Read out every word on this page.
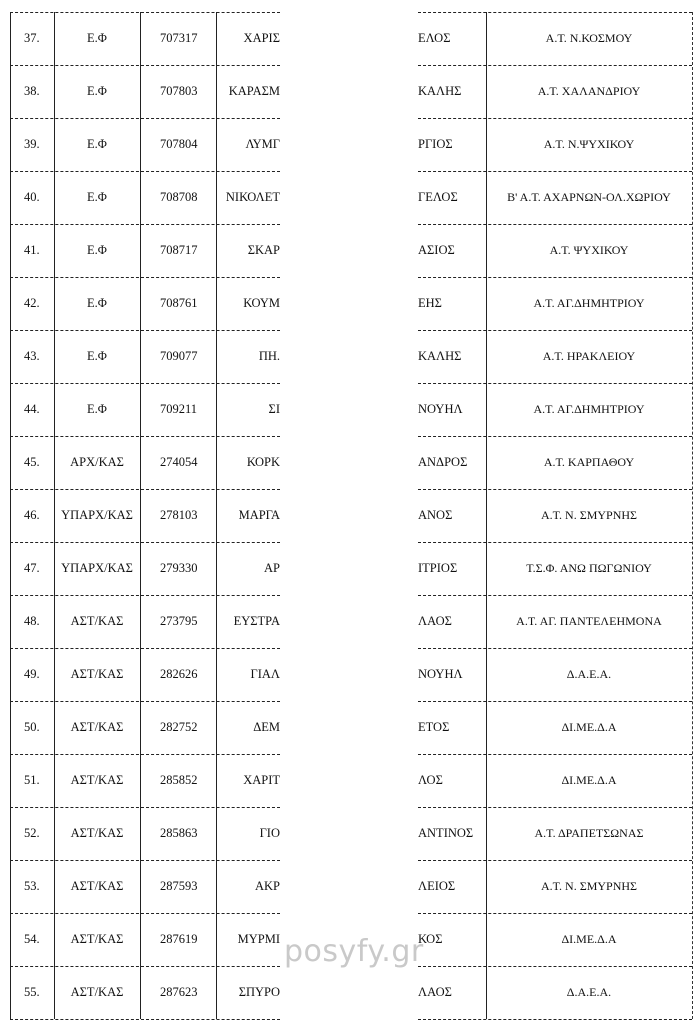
37.	Ε.Φ	707317	ΧΑΡΙΣ	ΕΛΟΣ	Α.Τ. Ν.ΚΟΣΜΟΥ
38.	Ε.Φ	707803	ΚΑΡΑΣΜ	ΚΑΛΗΣ	Α.Τ. ΧΑΛΑΝΔΡΙΟΥ
39.	Ε.Φ	707804	ΛΥΜΓ	ΡΓΙΟΣ	Α.Τ. Ν.ΨΥΧΙΚΟΥ
40.	Ε.Φ	708708	ΝΙΚΟΛΕΤ	ΓΕΛΟΣ	Β' Α.Τ. ΑΧΑΡΝΩΝ-ΟΛ.ΧΩΡΙΟΥ
41.	Ε.Φ	708717	ΣΚΑΡ	ΑΣΙΟΣ	Α.Τ. ΨΥΧΙΚΟΥ
42.	Ε.Φ	708761	ΚΟΥΜ	ΕΗΣ	Α.Τ. ΑΓ.ΔΗΜΗΤΡΙΟΥ
43.	Ε.Φ	709077	ΠΗ.	ΚΑΛΗΣ	Α.Τ. ΗΡΑΚΛΕΙΟΥ
44.	Ε.Φ	709211	ΣΙ	ΝΟΥΗΛ	Α.Τ. ΑΓ.ΔΗΜΗΤΡΙΟΥ
45.	ΑΡΧ/ΚΑΣ	274054	ΚΟΡΚ	ΑΝΔΡΟΣ	Α.Τ. ΚΑΡΠΑΘΟΥ
46.	ΥΠΑΡΧ/ΚΑΣ	278103	ΜΑΡΓΑ	ΑΝΟΣ	Α.Τ. Ν. ΣΜΥΡΝΗΣ
47.	ΥΠΑΡΧ/ΚΑΣ	279330	ΑΡ	ΙΤΡΙΟΣ	Τ.Σ.Φ. ΑΝΩ ΠΩΓΩΝΙΟΥ
48.	ΑΣΤ/ΚΑΣ	273795	ΕΥΣΤΡΑ	ΛΑΟΣ	Α.Τ. ΑΓ. ΠΑΝΤΕΛΕΗΜΟΝΑ
49.	ΑΣΤ/ΚΑΣ	282626	ΓΙΑΛ	ΝΟΥΗΛ	Δ.Α.Ε.Α.
50.	ΑΣΤ/ΚΑΣ	282752	ΔΕΜ	ΕΤΟΣ	ΔΙ.ΜΕ.Δ.Α
51.	ΑΣΤ/ΚΑΣ	285852	ΧΑΡΙΤ	ΛΟΣ	ΔΙ.ΜΕ.Δ.Α
52.	ΑΣΤ/ΚΑΣ	285863	ΓΙΟ	ΑΝΤΙΝΟΣ	Α.Τ. ΔΡΑΠΕΤΣΩΝΑΣ
53.	ΑΣΤ/ΚΑΣ	287593	ΑΚΡ	ΛΕΙΟΣ	Α.Τ. Ν. ΣΜΥΡΝΗΣ
54.	ΑΣΤ/ΚΑΣ	287619	ΜΥΡΜΙ	ΚΟΣ	ΔΙ.ΜΕ.Δ.Α
55.	ΑΣΤ/ΚΑΣ	287623	ΣΠΥΡΟ	ΛΑΟΣ	Δ.Α.Ε.Α.
posyfy.gr
